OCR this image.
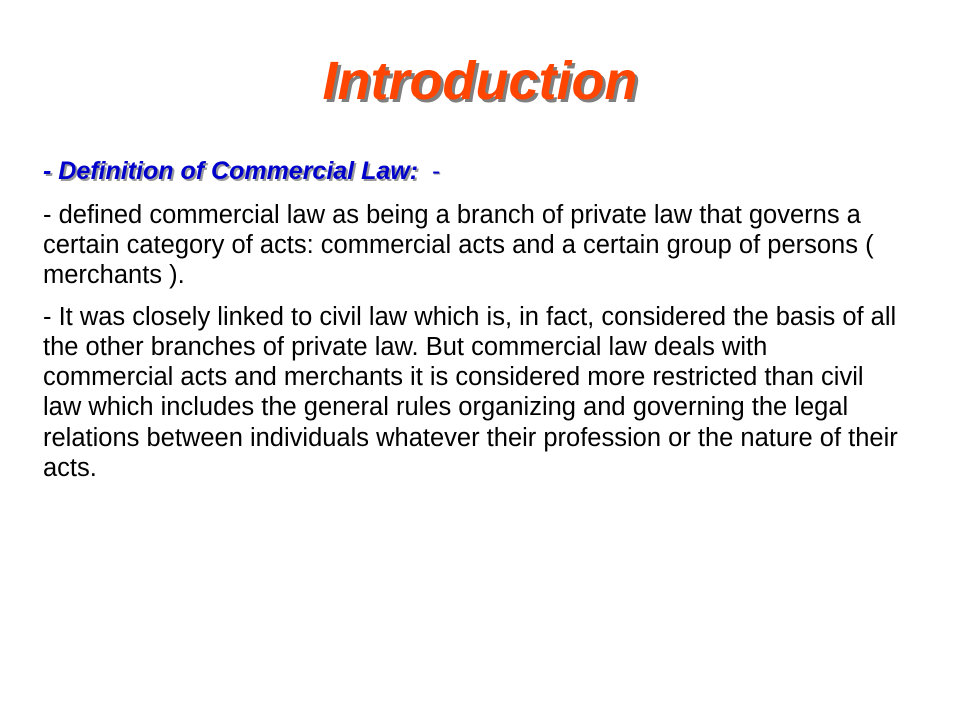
Introduction

- Definition of Commercial Law: -

- defined commercial law as being a branch of private law that governs a certain category of acts: commercial acts and a certain group of persons ( merchants ).

- It was closely linked to civil law which is, in fact, considered the basis of all the other branches of private law. But commercial law deals with commercial acts and merchants it is considered more restricted than civil law which includes the general rules organizing and governing the legal relations between individuals whatever their profession or the nature of their acts.
